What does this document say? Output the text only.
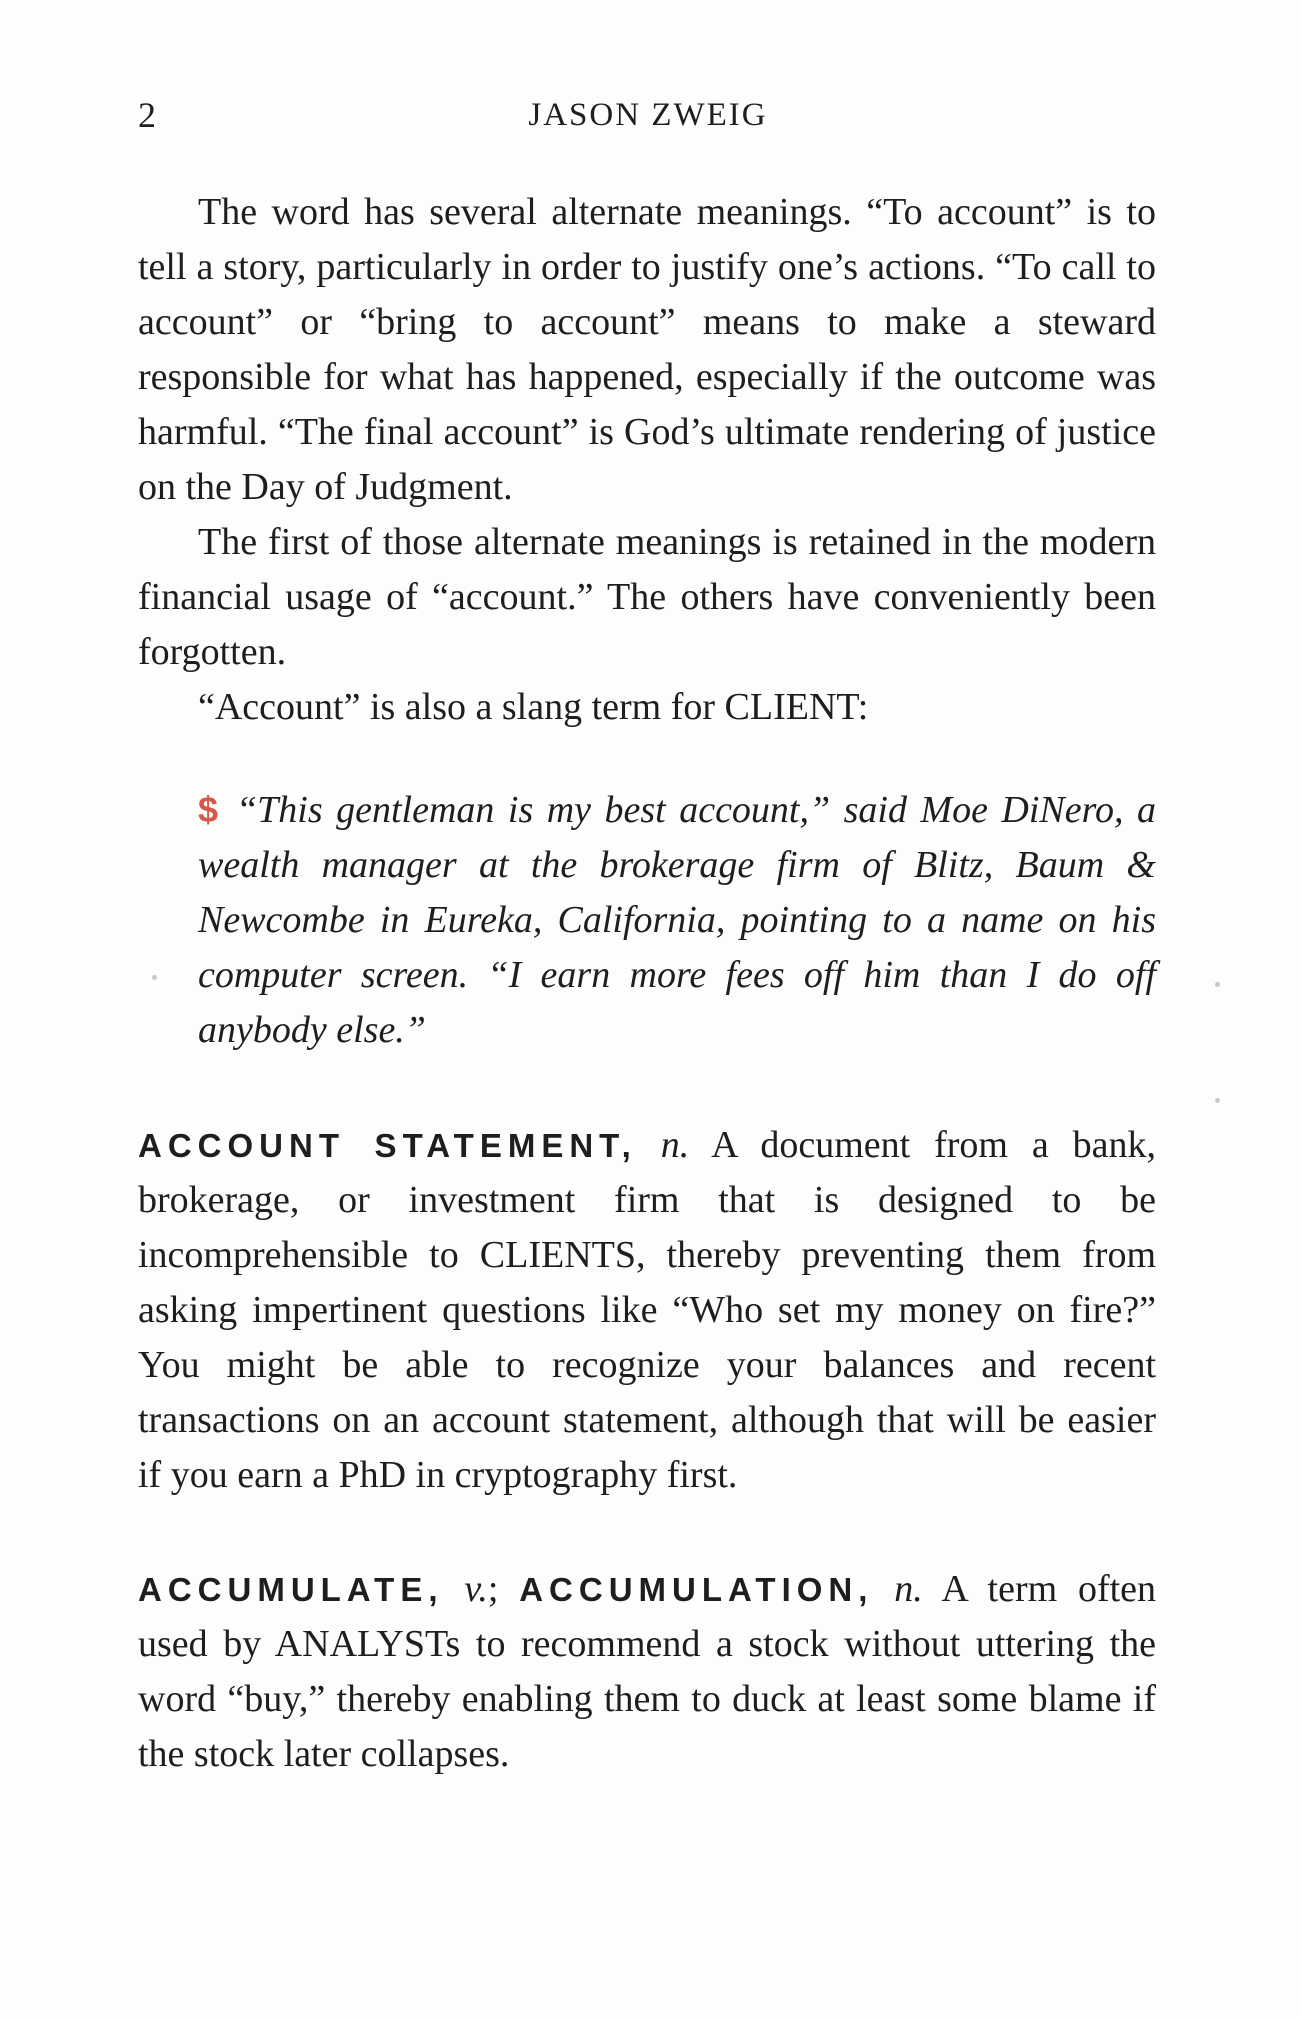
2	JASON ZWEIG

The word has several alternate meanings. “To account” is to tell a story, particularly in order to justify one’s actions. “To call to account” or “bring to account” means to make a steward responsible for what has happened, especially if the outcome was harmful. “The final account” is God’s ultimate rendering of justice on the Day of Judgment.

The first of those alternate meanings is retained in the modern financial usage of “account.” The others have conveniently been forgotten.

“Account” is also a slang term for CLIENT:

$ “This gentleman is my best account,” said Moe DiNero, a wealth manager at the brokerage firm of Blitz, Baum & Newcombe in Eureka, California, pointing to a name on his computer screen. “I earn more fees off him than I do off anybody else.”

ACCOUNT STATEMENT, n. A document from a bank, brokerage, or investment firm that is designed to be incomprehensible to CLIENTS, thereby preventing them from asking impertinent questions like “Who set my money on fire?” You might be able to recognize your balances and recent transactions on an account statement, although that will be easier if you earn a PhD in cryptography first.

ACCUMULATE, v.; ACCUMULATION, n. A term often used by ANALYSTs to recommend a stock without uttering the word “buy,” thereby enabling them to duck at least some blame if the stock later collapses.
